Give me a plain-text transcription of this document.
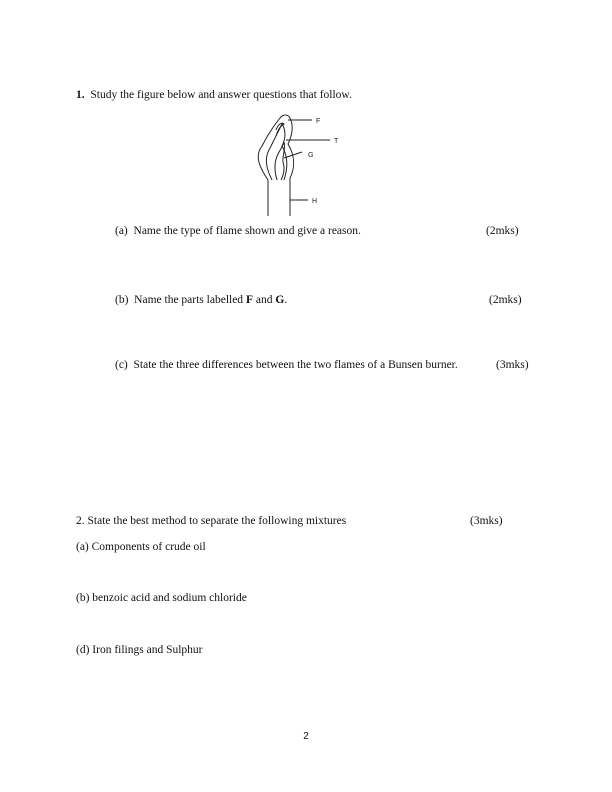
1. Study the figure below and answer questions that follow.
F
T
G
H
(a) Name the type of flame shown and give a reason.	(2mks)
(b) Name the parts labelled F and G.	(2mks)
(c) State the three differences between the two flames of a Bunsen burner.	(3mks)
2. State the best method to separate the following mixtures	(3mks)
(a) Components of crude oil
(b) benzoic acid and sodium chloride
(d) Iron filings and Sulphur
2
